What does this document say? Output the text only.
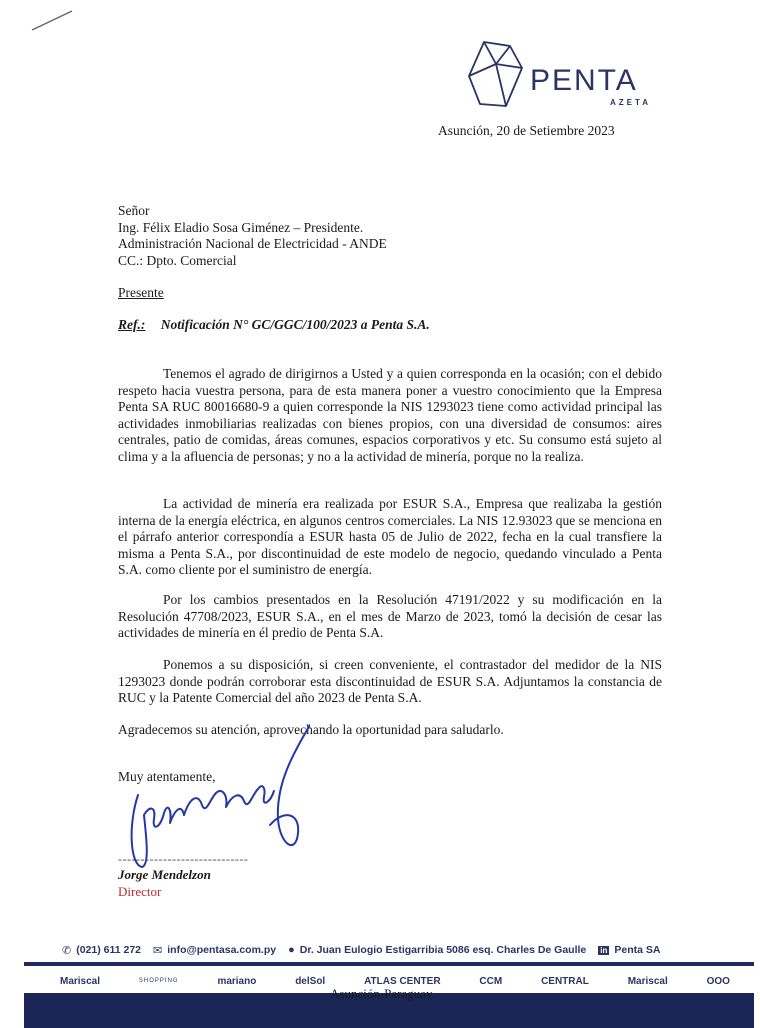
PENTA
AZETA
Asunción, 20 de Setiembre 2023
Señor
Ing. Félix Eladio Sosa Giménez – Presidente.
Administración Nacional de Electricidad - ANDE
CC.: Dpto. Comercial
Presente
Ref.: Notificación N° GC/GGC/100/2023 a Penta S.A.
Tenemos el agrado de dirigirnos a Usted y a quien corresponda en la ocasión; con el debido respeto hacia vuestra persona, para de esta manera poner a vuestro conocimiento que la Empresa Penta SA RUC 80016680-9 a quien corresponde la NIS 1293023 tiene como actividad principal las actividades inmobiliarias realizadas con bienes propios, con una diversidad de consumos: aires centrales, patio de comidas, áreas comunes, espacios corporativos y etc. Su consumo está sujeto al clima y a la afluencia de personas; y no a la actividad de minería, porque no la realiza.
La actividad de minería era realizada por ESUR S.A., Empresa que realizaba la gestión interna de la energía eléctrica, en algunos centros comerciales. La NIS 12.93023 que se menciona en el párrafo anterior correspondía a ESUR hasta 05 de Julio de 2022, fecha en la cual transfiere la misma a Penta S.A., por discontinuidad de este modelo de negocio, quedando vinculado a Penta S.A. como cliente por el suministro de energía.
Por los cambios presentados en la Resolución 47191/2022 y su modificación en la Resolución 47708/2023, ESUR S.A., en el mes de Marzo de 2023, tomó la decisión de cesar las actividades de minería en él predio de Penta S.A.
Ponemos a su disposición, si creen conveniente, el contrastador del medidor de la NIS 1293023 donde podrán corroborar esta discontinuidad de ESUR S.A. Adjuntamos la constancia de RUC y la Patente Comercial del año 2023 de Penta S.A.
Agradecemos su atención, aprovechando la oportunidad para saludarlo.
Muy atentamente,
-----------------------------
Jorge Mendelzon
Director
✆ (021) 611 272 ✉ info@pentasa.com.py ● Dr. Juan Eulogio Estigarribia 5086 esq. Charles De Gaulle in Penta SA
Mariscal	SHOPPING	mariano	delSol	ATLAS CENTER	CCM	CENTRAL	Mariscal	OOO
Asunción-Paraguay
